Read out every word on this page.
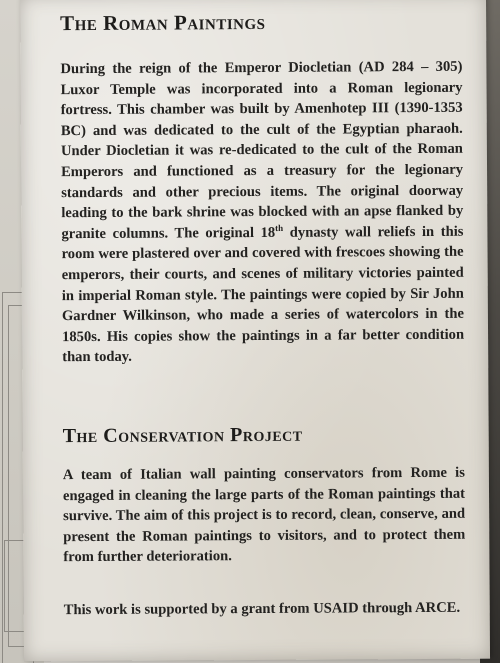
The Roman Paintings

During the reign of the Emperor Diocletian (AD 284 – 305) Luxor Temple was incorporated into a Roman legionary fortress. This chamber was built by Amenhotep III (1390-1353 BC) and was dedicated to the cult of the Egyptian pharaoh. Under Diocletian it was re-dedicated to the cult of the Roman Emperors and functioned as a treasury for the legionary standards and other precious items. The original doorway leading to the bark shrine was blocked with an apse flanked by granite columns. The original 18th dynasty wall reliefs in this room were plastered over and covered with frescoes showing the emperors, their courts, and scenes of military victories painted in imperial Roman style. The paintings were copied by Sir John Gardner Wilkinson, who made a series of watercolors in the 1850s. His copies show the paintings in a far better condition than today.

The Conservation Project

A team of Italian wall painting conservators from Rome is engaged in cleaning the large parts of the Roman paintings that survive. The aim of this project is to record, clean, conserve, and present the Roman paintings to visitors, and to protect them from further deterioration.

This work is supported by a grant from USAID through ARCE.
